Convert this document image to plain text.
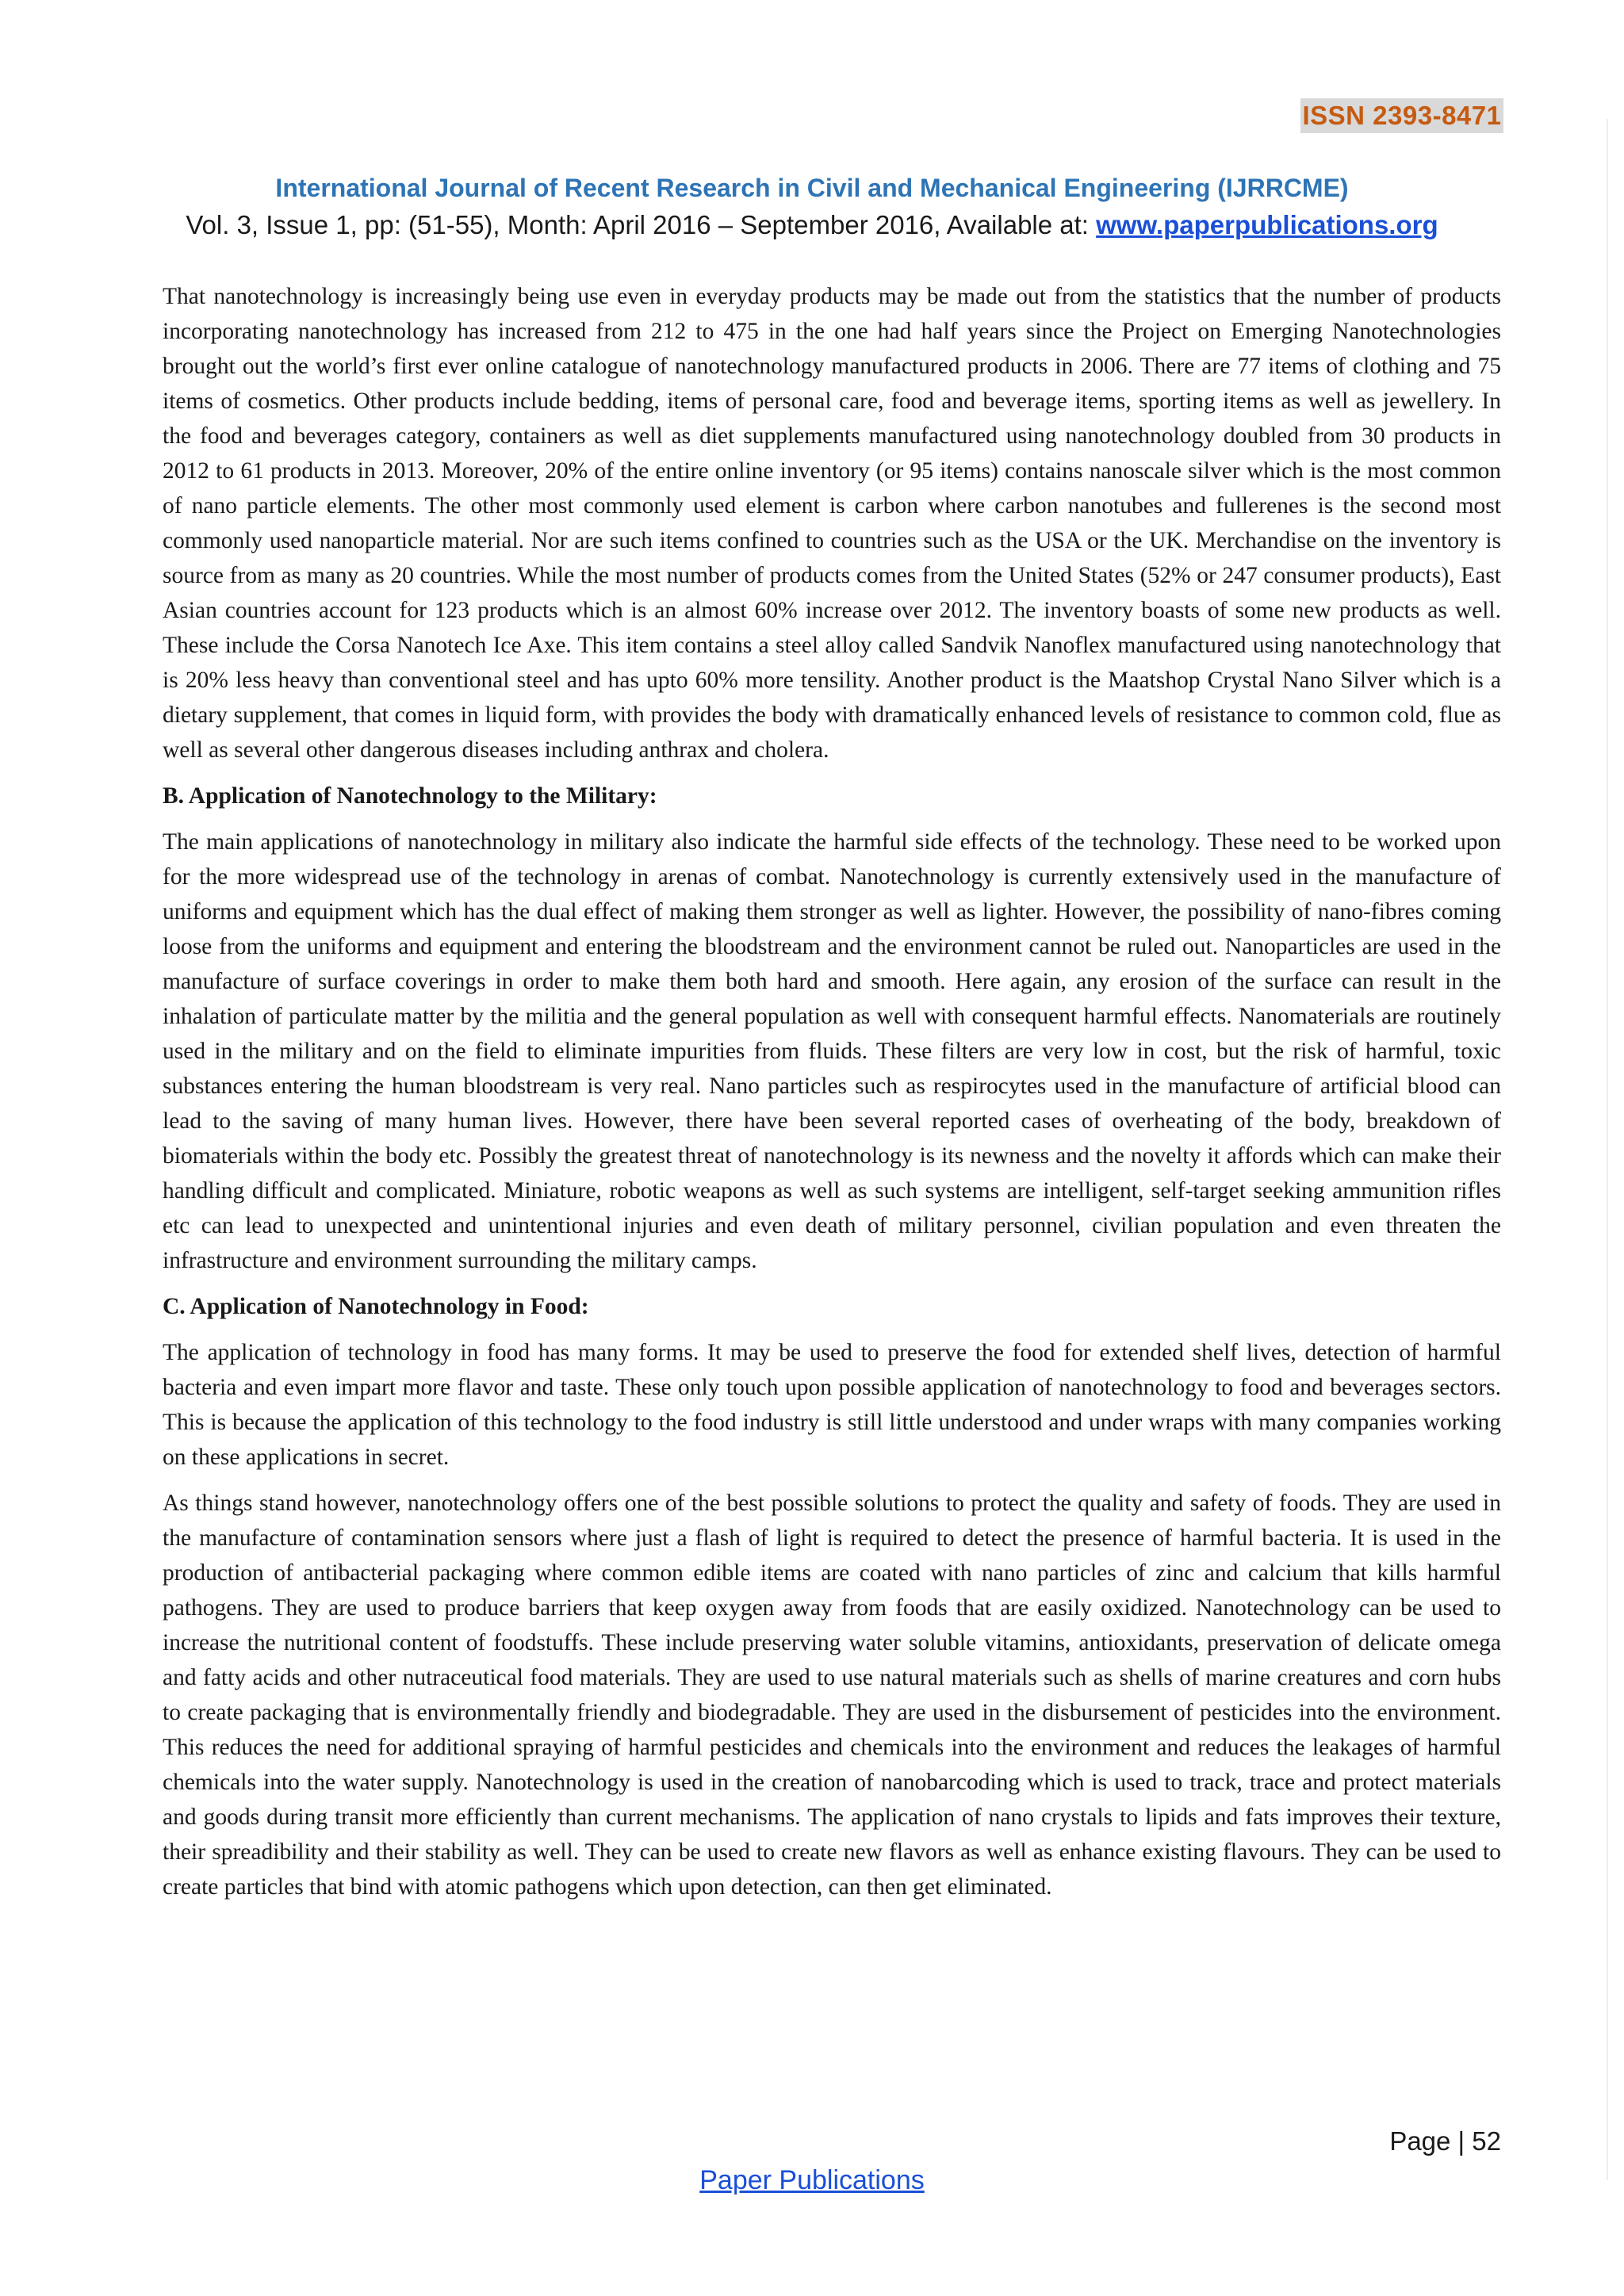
ISSN 2393-8471
International Journal of Recent Research in Civil and Mechanical Engineering (IJRRCME)
Vol. 3, Issue 1, pp: (51-55), Month: April 2016 – September 2016, Available at: www.paperpublications.org

That nanotechnology is increasingly being use even in everyday products may be made out from the statistics that the number of products incorporating nanotechnology has increased from 212 to 475 in the one had half years since the Project on Emerging Nanotechnologies brought out the world’s first ever online catalogue of nanotechnology manufactured products in 2006. There are 77 items of clothing and 75 items of cosmetics. Other products include bedding, items of personal care, food and beverage items, sporting items as well as jewellery. In the food and beverages category, containers as well as diet supplements manufactured using nanotechnology doubled from 30 products in 2012 to 61 products in 2013. Moreover, 20% of the entire online inventory (or 95 items) contains nanoscale silver which is the most common of nano particle elements. The other most commonly used element is carbon where carbon nanotubes and fullerenes is the second most commonly used nanoparticle material. Nor are such items confined to countries such as the USA or the UK. Merchandise on the inventory is source from as many as 20 countries. While the most number of products comes from the United States (52% or 247 consumer products), East Asian countries account for 123 products which is an almost 60% increase over 2012. The inventory boasts of some new products as well. These include the Corsa Nanotech Ice Axe. This item contains a steel alloy called Sandvik Nanoflex manufactured using nanotechnology that is 20% less heavy than conventional steel and has upto 60% more tensility. Another product is the Maatshop Crystal Nano Silver which is a dietary supplement, that comes in liquid form, with provides the body with dramatically enhanced levels of resistance to common cold, flue as well as several other dangerous diseases including anthrax and cholera.

B. Application of Nanotechnology to the Military:

The main applications of nanotechnology in military also indicate the harmful side effects of the technology. These need to be worked upon for the more widespread use of the technology in arenas of combat. Nanotechnology is currently extensively used in the manufacture of uniforms and equipment which has the dual effect of making them stronger as well as lighter. However, the possibility of nano-fibres coming loose from the uniforms and equipment and entering the bloodstream and the environment cannot be ruled out. Nanoparticles are used in the manufacture of surface coverings in order to make them both hard and smooth. Here again, any erosion of the surface can result in the inhalation of particulate matter by the militia and the general population as well with consequent harmful effects. Nanomaterials are routinely used in the military and on the field to eliminate impurities from fluids. These filters are very low in cost, but the risk of harmful, toxic substances entering the human bloodstream is very real. Nano particles such as respirocytes used in the manufacture of artificial blood can lead to the saving of many human lives. However, there have been several reported cases of overheating of the body, breakdown of biomaterials within the body etc. Possibly the greatest threat of nanotechnology is its newness and the novelty it affords which can make their handling difficult and complicated. Miniature, robotic weapons as well as such systems are intelligent, self-target seeking ammunition rifles etc can lead to unexpected and unintentional injuries and even death of military personnel, civilian population and even threaten the infrastructure and environment surrounding the military camps.

C. Application of Nanotechnology in Food:

The application of technology in food has many forms. It may be used to preserve the food for extended shelf lives, detection of harmful bacteria and even impart more flavor and taste. These only touch upon possible application of nanotechnology to food and beverages sectors. This is because the application of this technology to the food industry is still little understood and under wraps with many companies working on these applications in secret.

As things stand however, nanotechnology offers one of the best possible solutions to protect the quality and safety of foods. They are used in the manufacture of contamination sensors where just a flash of light is required to detect the presence of harmful bacteria. It is used in the production of antibacterial packaging where common edible items are coated with nano particles of zinc and calcium that kills harmful pathogens. They are used to produce barriers that keep oxygen away from foods that are easily oxidized. Nanotechnology can be used to increase the nutritional content of foodstuffs. These include preserving water soluble vitamins, antioxidants, preservation of delicate omega and fatty acids and other nutraceutical food materials. They are used to use natural materials such as shells of marine creatures and corn hubs to create packaging that is environmentally friendly and biodegradable. They are used in the disbursement of pesticides into the environment. This reduces the need for additional spraying of harmful pesticides and chemicals into the environment and reduces the leakages of harmful chemicals into the water supply. Nanotechnology is used in the creation of nanobarcoding which is used to track, trace and protect materials and goods during transit more efficiently than current mechanisms. The application of nano crystals to lipids and fats improves their texture, their spreadibility and their stability as well. They can be used to create new flavors as well as enhance existing flavours. They can be used to create particles that bind with atomic pathogens which upon detection, can then get eliminated.

Page | 52
Paper Publications
